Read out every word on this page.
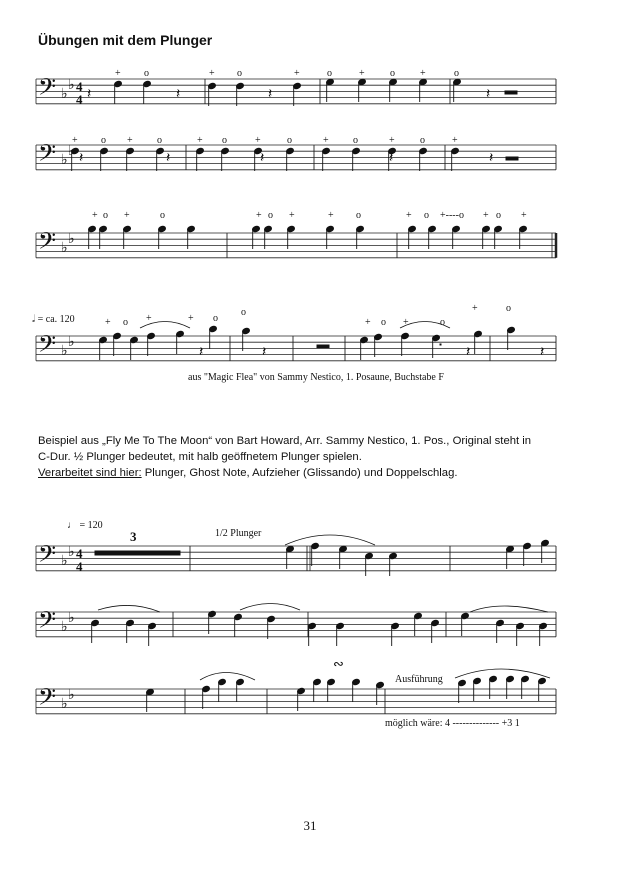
Übungen mit dem Plunger
𝄢 ♭
♭ 4
4
𝄢 ♭
♭
𝄢 ♭
♭
𝄢 ♭
♭
𝄢 ♭
♭ 4
4
𝄢 ♭
♭
𝄢 ♭
♭
+ o	+ o	+	o	+	o	+	o
𝄽	𝄽	𝄽	𝄽
+ o + o	+ o	+	o	+ o	+	o	+
𝄽	𝄽	𝄽	𝄽	𝄽
+ o +	o	+ o +	+ o	+ o	+ o +
+----o
+ o +	+ o
o
+ o +	o
+	o
𝄽	𝄽	𝄽	𝄽
𝅗𝅥 = ca. 120
♩ = 120
3	1/2 Plunger
∾
Ausführung
aus "Magic Flea" von Sammy Nestico, 1. Posaune, Buchstabe F

Beispiel aus „Fly Me To The Moon“ von Bart Howard, Arr. Sammy Nestico, 1. Pos., Original steht in

C-Dur. ½ Plunger bedeutet, mit halb geöffnetem Plunger spielen.

Verarbeitet sind hier: Plunger, Ghost Note, Aufzieher (Glissando) und Doppelschlag.

möglich wäre: 4 -------------- +3 1
31
